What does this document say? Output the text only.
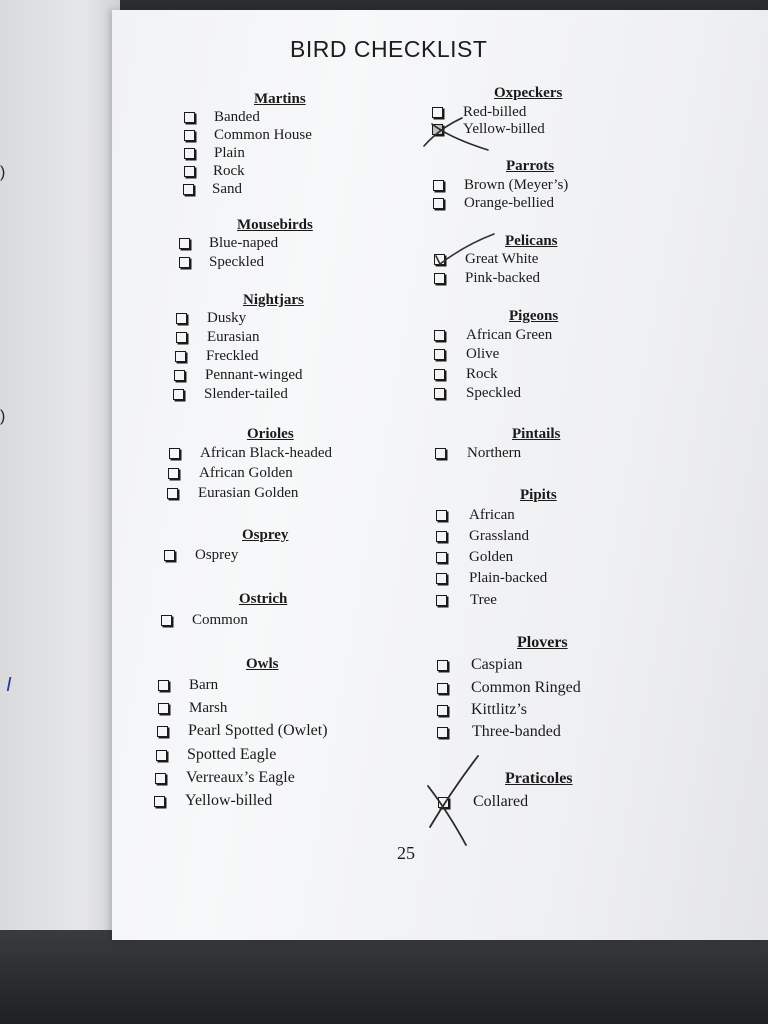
)
)
I
BIRD CHECKLIST
Martins
Banded
Common House
Plain
Rock
Sand
Mousebirds
Blue-naped
Speckled
Nightjars
Dusky
Eurasian
Freckled
Pennant-winged
Slender-tailed
Orioles
African Black-headed
African Golden
Eurasian Golden
Osprey
Osprey
Ostrich
Common
Owls
Barn
Marsh
Pearl Spotted (Owlet)
Spotted Eagle
Verreaux’s Eagle
Yellow-billed
Oxpeckers
Red-billed
Yellow-billed
Parrots
Brown (Meyer’s)
Orange-bellied
Pelicans
Great White
Pink-backed
Pigeons
African Green
Olive
Rock
Speckled
Pintails
Northern
Pipits
African
Grassland
Golden
Plain-backed
Tree
Plovers
Caspian
Common Ringed
Kittlitz’s
Three-banded
Praticoles
Collared
25
